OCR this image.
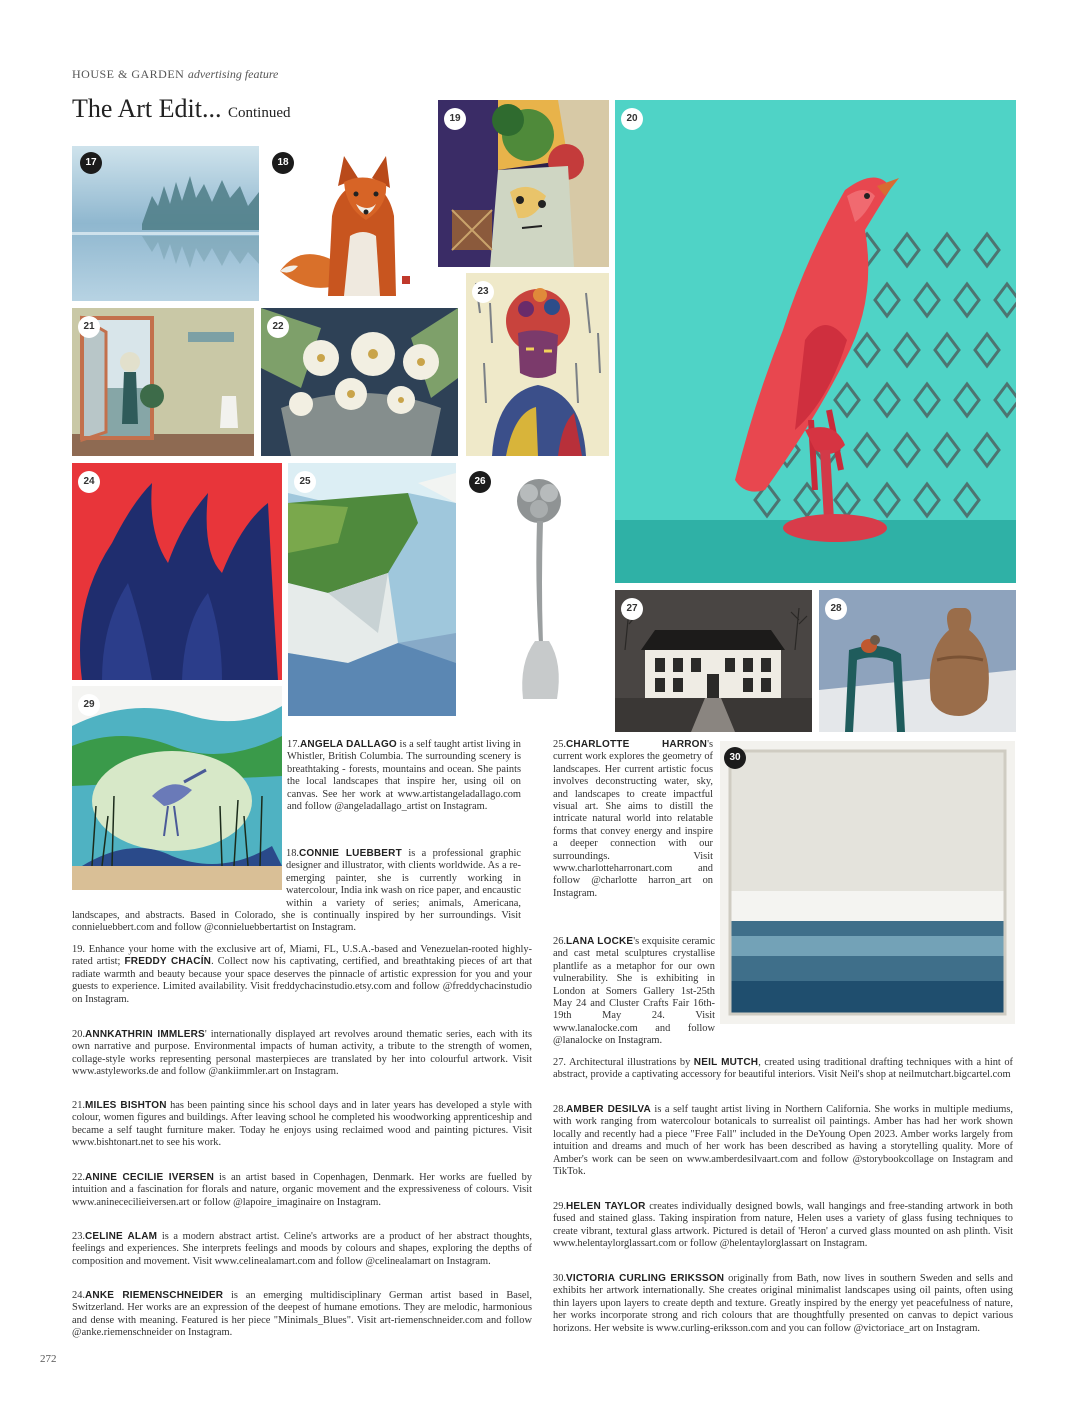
HOUSE & GARDEN advertising feature
The Art Edit... Continued
17	18
19	20
21	22
23
24	25	26
27	28
29
30

17.ANGELA DALLAGO is a self taught artist living in Whistler, British Columbia. The surrounding scenery is breathtaking - forests, mountains and ocean. She paints the local landscapes that inspire her, using oil on canvas. See her work at www.artistangeladallago.com and follow @angeladallago_artist on Instagram.

18.CONNIE LUEBBERT is a professional graphic designer and illustrator, with clients worldwide. As a re-emerging painter, she is currently working in watercolour, India ink wash on rice paper, and encaustic within a variety of series; animals, Americana, landscapes, and abstracts. Based in Colorado, she is continually inspired by her surroundings. Visit connieluebbert.com and follow @connieluebbertartist on Instagram.

19. Enhance your home with the exclusive art of, Miami, FL, U.S.A.-based and Venezuelan-rooted highly-rated artist; FREDDY CHACÍN. Collect now his captivating, certified, and breathtaking pieces of art that radiate warmth and beauty because your space deserves the pinnacle of artistic expression for you and your guests to experience. Limited availability. Visit freddychacinstudio.etsy.com and follow @freddychacinstudio on Instagram.

20.ANNKATHRIN IMMLERS' internationally displayed art revolves around thematic series, each with its own narrative and purpose. Environmental impacts of human activity, a tribute to the strength of women, collage-style works representing personal masterpieces are translated by her into colourful artwork. Visit www.astyleworks.de and follow @ankiimmler.art on Instagram.

21.MILES BISHTON has been painting since his school days and in later years has developed a style with colour, women figures and buildings. After leaving school he completed his woodworking apprenticeship and became a self taught furniture maker. Today he enjoys using reclaimed wood and painting pictures. Visit www.bishtonart.net to see his work.

22.ANINE CECILIE IVERSEN is an artist based in Copenhagen, Denmark. Her works are fuelled by intuition and a fascination for florals and nature, organic movement and the expressiveness of colours. Visit www.aninececilieiversen.art or follow @lapoire_imaginaire on Instagram.

23.CELINE ALAM is a modern abstract artist. Celine's artworks are a product of her abstract thoughts, feelings and experiences. She interprets feelings and moods by colours and shapes, exploring the depths of composition and movement. Visit www.celinealamart.com and follow @celinealamart on Instagram.

24.ANKE RIEMENSCHNEIDER is an emerging multidisciplinary German artist based in Basel, Switzerland. Her works are an expression of the deepest of humane emotions. They are melodic, harmonious and dense with meaning. Featured is her piece "Minimals_Blues". Visit art-riemenschneider.com and follow @anke.riemenschneider on Instagram.

25.CHARLOTTE HARRON's current work explores the geometry of landscapes. Her current artistic focus involves deconstructing water, sky, and landscapes to create impactful visual art. She aims to distill the intricate natural world into relatable forms that convey energy and inspire a deeper connection with our surroundings. Visit www.charlotteharronart.com and follow @charlotte harron_art on Instagram.

26.LANA LOCKE's exquisite ceramic and cast metal sculptures crystallise plantlife as a metaphor for our own vulnerability. She is exhibiting in London at Somers Gallery 1st-25th May 24 and Cluster Crafts Fair 16th-19th May 24. Visit www.lanalocke.com and follow @lanalocke on Instagram.

27. Architectural illustrations by NEIL MUTCH, created using traditional drafting techniques with a hint of abstract, provide a captivating accessory for beautiful interiors. Visit Neil's shop at neilmutchart.bigcartel.com

28.AMBER DESILVA is a self taught artist living in Northern California. She works in multiple mediums, with work ranging from watercolour botanicals to surrealist oil paintings. Amber has had her work shown locally and recently had a piece "Free Fall" included in the DeYoung Open 2023. Amber works largely from intuition and dreams and much of her work has been described as having a storytelling quality. More of Amber's work can be seen on www.amberdesilvaart.com and follow @storybookcollage on Instagram and TikTok.

29.HELEN TAYLOR creates individually designed bowls, wall hangings and free-standing artwork in both fused and stained glass. Taking inspiration from nature, Helen uses a variety of glass fusing techniques to create vibrant, textural glass artwork. Pictured is detail of 'Heron' a curved glass mounted on ash plinth. Visit www.helentaylorglassart.com or follow @helentaylorglassart on Instagram.

30.VICTORIA CURLING ERIKSSON originally from Bath, now lives in southern Sweden and sells and exhibits her artwork internationally. She creates original minimalist landscapes using oil paints, often using thin layers upon layers to create depth and texture. Greatly inspired by the energy yet peacefulness of nature, her works incorporate strong and rich colours that are thoughtfully presented on canvas to depict various horizons. Her website is www.curling-eriksson.com and you can follow @victoriace_art on Instagram.

272
